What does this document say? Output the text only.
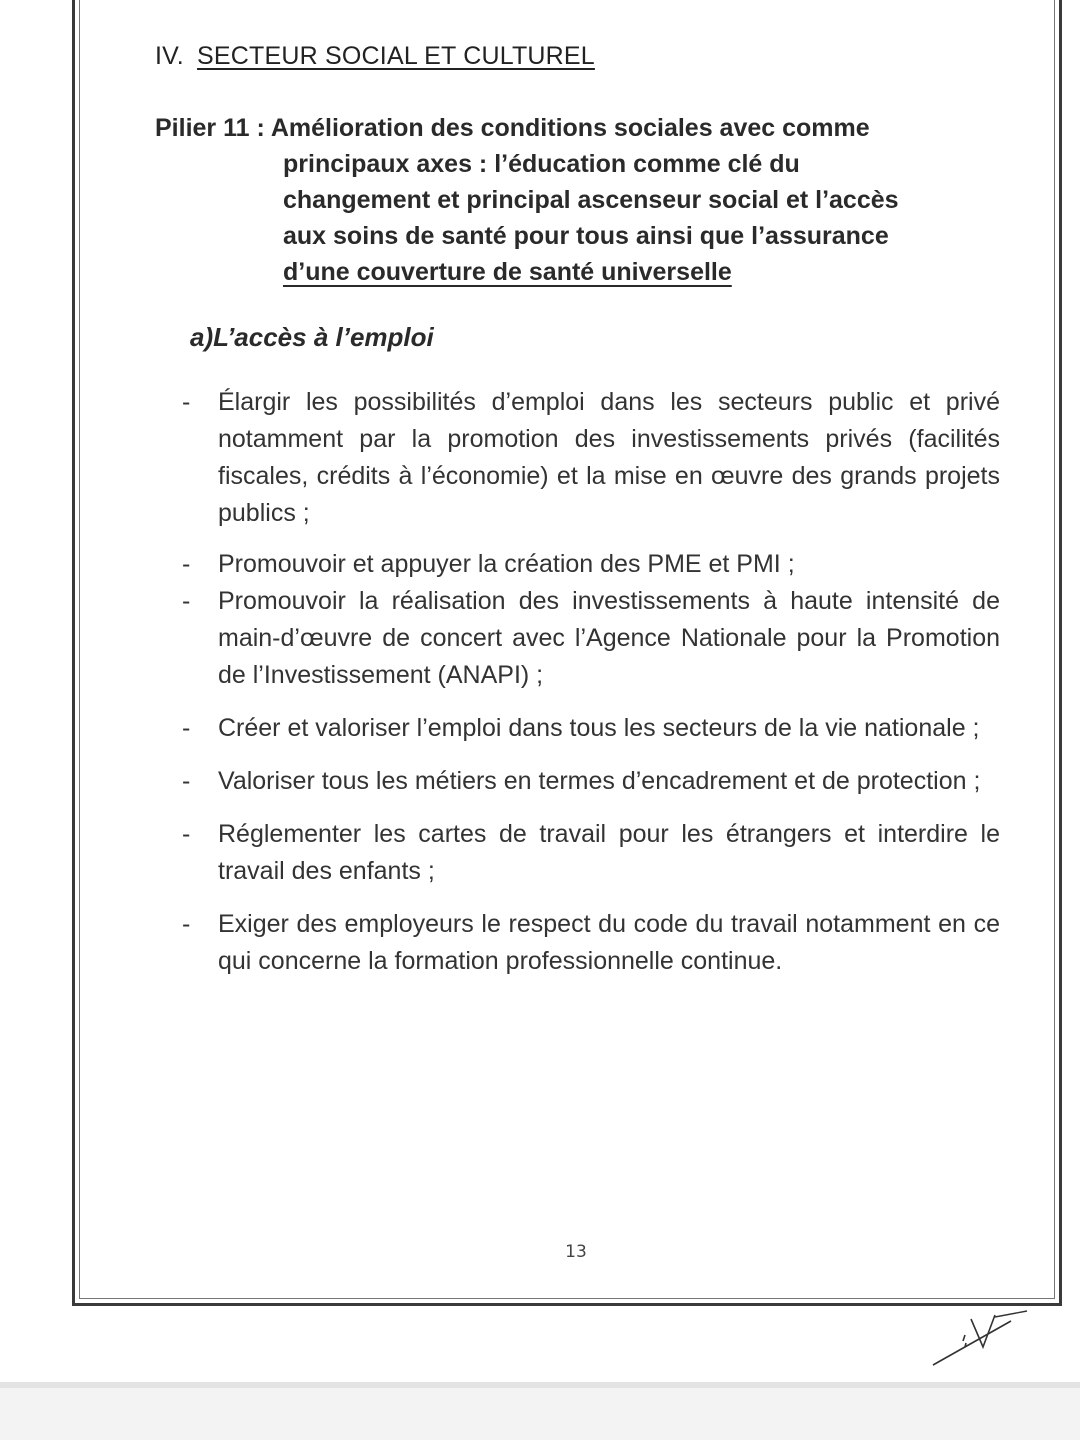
IV. SECTEUR SOCIAL ET CULTUREL
Pilier 11 : Amélioration des conditions sociales avec comme
principaux axes : l’éducation comme clé du
changement et principal ascenseur social et l’accès
aux soins de santé pour tous ainsi que l’assurance
d’une couverture de santé universelle
a)L’accès à l’emploi
- Élargir les possibilités d’emploi dans les secteurs public et privé notamment par la promotion des investissements privés (facilités fiscales, crédits à l’économie) et la mise en œuvre des grands projets publics ;
- Promouvoir et appuyer la création des PME et PMI ;
- Promouvoir la réalisation des investissements à haute intensité de main-d’œuvre de concert avec l’Agence Nationale pour la Promotion de l’Investissement (ANAPI) ;
- Créer et valoriser l’emploi dans tous les secteurs de la vie nationale ;
- Valoriser tous les métiers en termes d’encadrement et de protection ;
- Réglementer les cartes de travail pour les étrangers et interdire le travail des enfants ;
- Exiger des employeurs le respect du code du travail notamment en ce qui concerne la formation professionnelle continue.
13
